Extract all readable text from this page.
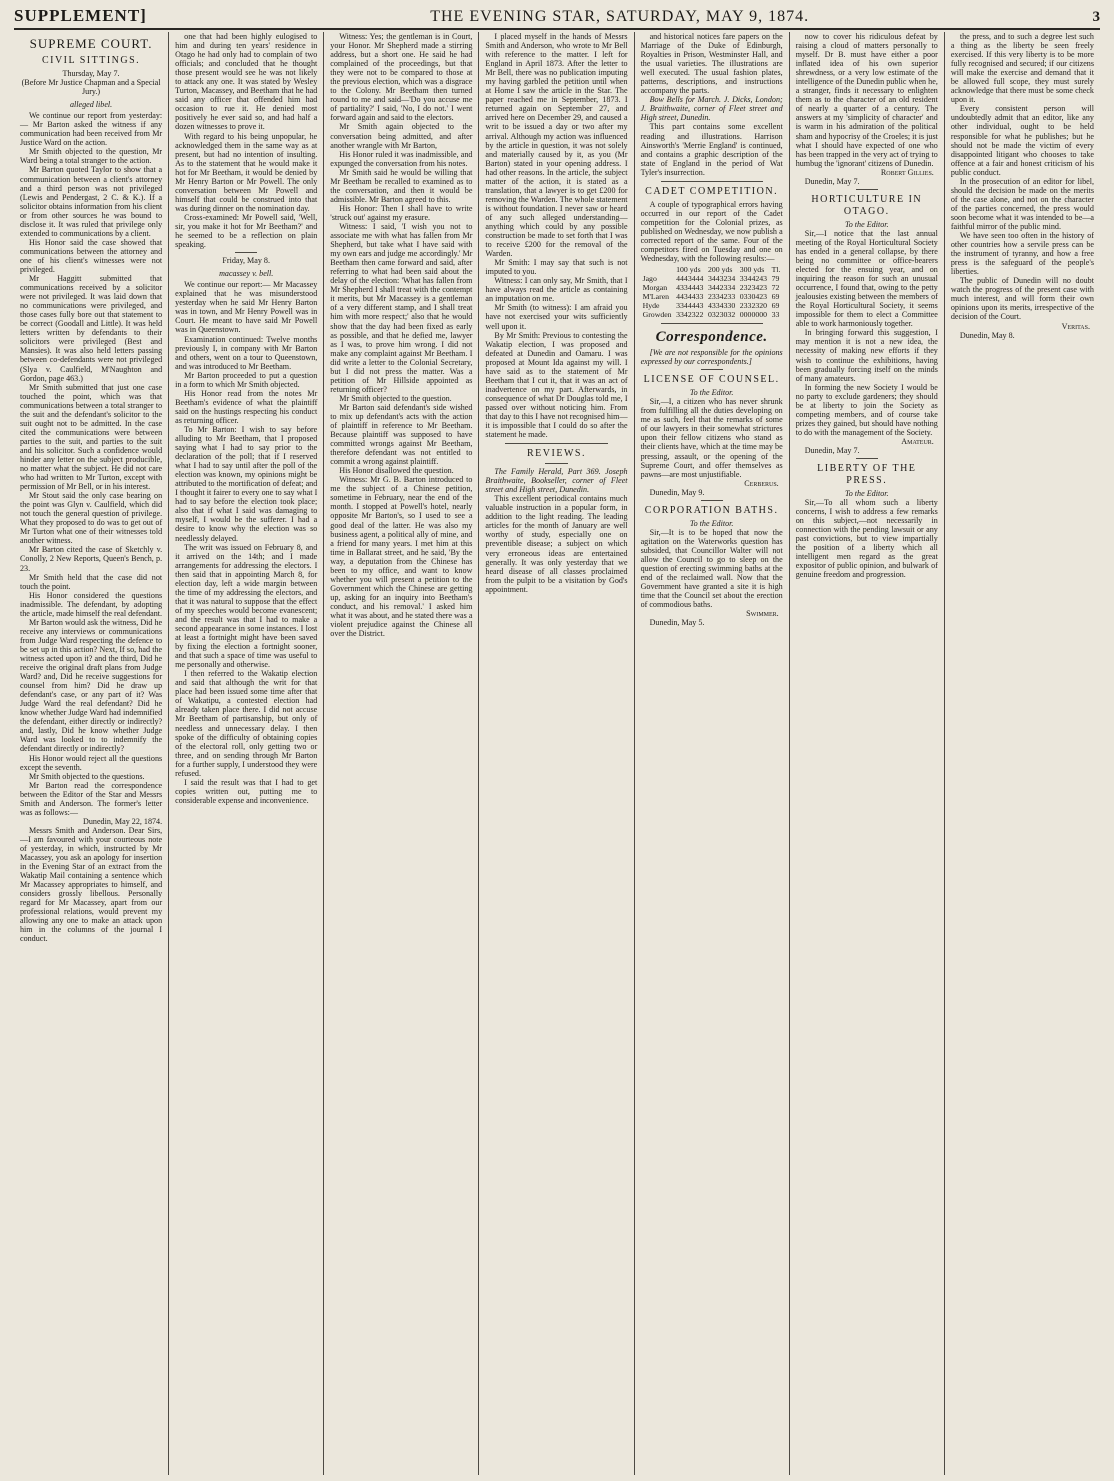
SUPPLEMENT]	THE EVENING STAR, SATURDAY, MAY 9, 1874.	3

SUPREME COURT.

CIVIL SITTINGS.

Thursday, May 7.

(Before Mr Justice Chapman and a Special Jury.)

alleged libel.

We continue our report from yesterday:— Mr Barton asked the witness if any communication had been received from Mr Justice Ward on the action.

Mr Smith objected to the question, Mr Ward being a total stranger to the action.

Mr Barton quoted Taylor to show that a communication between a client's attorney and a third person was not privileged (Lewis and Pendergast, 2 C. & K.). If a solicitor obtains information from his client or from other sources he was bound to disclose it. It was ruled that privilege only extended to communications by a client.

His Honor said the case showed that communications between the attorney and one of his client's witnesses were not privileged.

Mr Haggitt submitted that communications received by a solicitor were not privileged. It was laid down that no communications were privileged, and those cases fully bore out that statement to be correct (Goodall and Little). It was held letters written by defendants to their solicitors were privileged (Best and Mansies). It was also held letters passing between co-defendants were not privileged (Slya v. Caulfield, M'Naughton and Gordon, page 463.)

Mr Smith submitted that just one case touched the point, which was that communications between a total stranger to the suit and the defendant's solicitor to the suit ought not to be admitted. In the case cited the communications were between parties to the suit, and parties to the suit and his solicitor. Such a confidence would hinder any letter on the subject producible, no matter what the subject. He did not care who had written to Mr Turton, except with permission of Mr Bell, or in his interest.

Mr Stout said the only case bearing on the point was Glyn v. Caulfield, which did not touch the general question of privilege. What they proposed to do was to get out of Mr Turton what one of their witnesses told another witness.

Mr Barton cited the case of Sketchly v. Conolly, 2 New Reports, Queen's Bench, p. 23.

Mr Smith held that the case did not touch the point.

His Honor considered the questions inadmissible. The defendant, by adopting the article, made himself the real defendant.

Mr Barton would ask the witness, Did he receive any interviews or communications from Judge Ward respecting the defence to be set up in this action? Next, If so, had the witness acted upon it? and the third, Did he receive the original draft plans from Judge Ward? and, Did he receive suggestions for counsel from him? Did he draw up defendant's case, or any part of it? Was Judge Ward the real defendant? Did he know whether Judge Ward had indemnified the defendant, either directly or indirectly? and, lastly, Did he know whether Judge Ward was looked to to indemnify the defendant directly or indirectly?

His Honor would reject all the questions except the seventh.

Mr Smith objected to the questions.

Mr Barton read the correspondence between the Editor of the Star and Messrs Smith and Anderson. The former's letter was as follows:—

Dunedin, May 22, 1874.

Messrs Smith and Anderson. Dear Sirs,—I am favoured with your courteous note of yesterday, in which, instructed by Mr Macassey, you ask an apology for insertion in the Evening Star of an extract from the Wakatip Mail containing a sentence which Mr Macassey appropriates to himself, and considers grossly libellous. Personally regard for Mr Macassey, apart from our professional relations, would prevent my allowing any one to make an attack upon him in the columns of the journal I conduct.

one that had been highly eulogised to him and during ten years' residence in Otago he had only had to complain of two officials; and concluded that he thought those present would see he was not likely to attack any one. It was stated by Wesley Turton, Macassey, and Beetham that he had said any officer that offended him had occasion to rue it. He denied most positively he ever said so, and had half a dozen witnesses to prove it.

With regard to his being unpopular, he acknowledged them in the same way as at present, but had no intention of insulting. As to the statement that he would make it hot for Mr Beetham, it would be denied by Mr Henry Barton or Mr Powell. The only conversation between Mr Powell and himself that could be construed into that was during dinner on the nomination day.

Cross-examined: Mr Powell said, 'Well, sir, you make it hot for Mr Beetham?' and he seemed to be a reflection on plain speaking.

Friday, May 8.

macassey v. bell.

We continue our report:— Mr Macassey explained that he was misunderstood yesterday when he said Mr Henry Barton was in town, and Mr Henry Powell was in Court. He meant to have said Mr Powell was in Queenstown.

Examination continued: Twelve months previously I, in company with Mr Barton and others, went on a tour to Queenstown, and was introduced to Mr Beetham.

Mr Barton proceeded to put a question in a form to which Mr Smith objected.

His Honor read from the notes Mr Beetham's evidence of what the plaintiff said on the hustings respecting his conduct as returning officer.

To Mr Barton: I wish to say before alluding to Mr Beetham, that I proposed saying what I had to say prior to the declaration of the poll; that if I reserved what I had to say until after the poll of the election was known, my opinions might be attributed to the mortification of defeat; and I thought it fairer to every one to say what I had to say before the election took place; also that if what I said was damaging to myself, I would be the sufferer. I had a desire to know why the election was so needlessly delayed.

The writ was issued on February 8, and it arrived on the 14th; and I made arrangements for addressing the electors. I then said that in appointing March 8, for election day, left a wide margin between the time of my addressing the electors, and that it was natural to suppose that the effect of my speeches would become evanescent; and the result was that I had to make a second appearance in some instances. I lost at least a fortnight might have been saved by fixing the election a fortnight sooner, and that such a space of time was useful to me personally and otherwise.

I then referred to the Wakatip election and said that although the writ for that place had been issued some time after that of Wakatipu, a contested election had already taken place there. I did not accuse Mr Beetham of partisanship, but only of needless and unnecessary delay. I then spoke of the difficulty of obtaining copies of the electoral roll, only getting two or three, and on sending through Mr Barton for a further supply, I understood they were refused.

I said the result was that I had to get copies written out, putting me to considerable expense and inconvenience.

Witness: Yes; the gentleman is in Court, your Honor. Mr Shepherd made a stirring address, but a short one. He said he had complained of the proceedings, but that they were not to be compared to those at the previous election, which was a disgrace to the Colony. Mr Beetham then turned round to me and said—'Do you accuse me of partiality?' I said, 'No, I do not.' I went forward again and said to the electors.

Mr Smith again objected to the conversation being admitted, and after another wrangle with Mr Barton,

His Honor ruled it was inadmissible, and expunged the conversation from his notes.

Mr Smith said he would be willing that Mr Beetham be recalled to examined as to the conversation, and then it would be admissible. Mr Barton agreed to this.

His Honor: Then I shall have to write 'struck out' against my erasure.

Witness: I said, 'I wish you not to associate me with what has fallen from Mr Shepherd, but take what I have said with my own ears and judge me accordingly.' Mr Beetham then came forward and said, after referring to what had been said about the delay of the election: 'What has fallen from Mr Shepherd I shall treat with the contempt it merits, but Mr Macassey is a gentleman of a very different stamp, and I shall treat him with more respect;' also that he would show that the day had been fixed as early as possible, and that he defied me, lawyer as I was, to prove him wrong. I did not make any complaint against Mr Beetham. I did write a letter to the Colonial Secretary, but I did not press the matter. Was a petition of Mr Hillside appointed as returning officer?

Mr Smith objected to the question.

Mr Barton said defendant's side wished to mix up defendant's acts with the action of plaintiff in reference to Mr Beetham. Because plaintiff was supposed to have committed wrongs against Mr Beetham, therefore defendant was not entitled to commit a wrong against plaintiff.

His Honor disallowed the question.

Witness: Mr G. B. Barton introduced to me the subject of a Chinese petition, sometime in February, near the end of the month. I stopped at Powell's hotel, nearly opposite Mr Barton's, so I used to see a good deal of the latter. He was also my business agent, a political ally of mine, and a friend for many years. I met him at this time in Ballarat street, and he said, 'By the way, a deputation from the Chinese has been to my office, and want to know whether you will present a petition to the Government which the Chinese are getting up, asking for an inquiry into Beetham's conduct, and his removal.' I asked him what it was about, and he stated there was a violent prejudice against the Chinese all over the District.

I placed myself in the hands of Messrs Smith and Anderson, who wrote to Mr Bell with reference to the matter. I left for England in April 1873. After the letter to Mr Bell, there was no publication imputing my having garbled the petition until when at Home I saw the article in the Star. The paper reached me in September, 1873. I returned again on September 27, and arrived here on December 29, and caused a writ to be issued a day or two after my arrival. Although my action was influenced by the article in question, it was not solely and materially caused by it, as you (Mr Barton) stated in your opening address. I had other reasons. In the article, the subject matter of the action, it is stated as a translation, that a lawyer is to get £200 for removing the Warden. The whole statement is without foundation. I never saw or heard of any such alleged understanding—anything which could by any possible construction be made to set forth that I was to receive £200 for the removal of the Warden.

Mr Smith: I may say that such is not imputed to you.

Witness: I can only say, Mr Smith, that I have always read the article as containing an imputation on me.

Mr Smith (to witness): I am afraid you have not exercised your wits sufficiently well upon it.

By Mr Smith: Previous to contesting the Wakatip election, I was proposed and defeated at Dunedin and Oamaru. I was proposed at Mount Ida against my will. I have said as to the statement of Mr Beetham that I cut it, that it was an act of inadvertence on my part. Afterwards, in consequence of what Dr Douglas told me, I passed over without noticing him. From that day to this I have not recognised him—it is impossible that I could do so after the statement he made.

REVIEWS.

The Family Herald, Part 369. Joseph Braithwaite, Bookseller, corner of Fleet street and High street, Dunedin.

This excellent periodical contains much valuable instruction in a popular form, in addition to the light reading. The leading articles for the month of January are well worthy of study, especially one on preventible disease; a subject on which very erroneous ideas are entertained generally. It was only yesterday that we heard disease of all classes proclaimed from the pulpit to be a visitation by God's appointment.

and historical notices fare papers on the Marriage of the Duke of Edinburgh, Royalties in Prison, Westminster Hall, and the usual varieties. The illustrations are well executed. The usual fashion plates, patterns, descriptions, and instructions accompany the parts.

Bow Bells for March. J. Dicks, London; J. Braithwaite, corner of Fleet street and High street, Dunedin.

This part contains some excellent reading and illustrations. Harrison Ainsworth's 'Merrie England' is continued, and contains a graphic description of the state of England in the period of Wat Tyler's insurrection.

CADET COMPETITION.

A couple of typographical errors having occurred in our report of the Cadet competition for the Colonial prizes, as published on Wednesday, we now publish a corrected report of the same. Four of the competitors fired on Tuesday and one on Wednesday, with the following results:—

	100 yds	200 yds	300 yds	Tl.
Jago	4443444	3443234	3344243	79
Morgan	4334443	3442334	2323423	72
M'Laren	4434433	2334233	0330423	69
Hyde	3344443	4334330	2332320	69
Growden	3342322	0323032	0000000	33

Correspondence.

[We are not responsible for the opinions expressed by our correspondents.]

LICENSE OF COUNSEL.

To the Editor.

Sir,—I, a citizen who has never shrunk from fulfilling all the duties developing on me as such, feel that the remarks of some of our lawyers in their somewhat strictures upon their fellow citizens who stand as their clients have, which at the time may be pressing, assault, or the opening of the Supreme Court, and offer themselves as pawns—are most unjustifiable.

Cerberus.

Dunedin, May 9.

CORPORATION BATHS.

To the Editor.

Sir,—It is to be hoped that now the agitation on the Waterworks question has subsided, that Councillor Walter will not allow the Council to go to sleep on the question of erecting swimming baths at the end of the reclaimed wall. Now that the Government have granted a site it is high time that the Council set about the erection of commodious baths.

Swimmer.

Dunedin, May 5.

now to cover his ridiculous defeat by raising a cloud of matters personally to myself. Dr B. must have either a poor inflated idea of his own superior shrewdness, or a very low estimate of the intelligence of the Dunedin public when he, a stranger, finds it necessary to enlighten them as to the character of an old resident of nearly a quarter of a century. The answers at my 'simplicity of character' and is warm in his admiration of the political sham and hypocrisy of the Croeles; it is just what I should have expected of one who has been trapped in the very act of trying to humbug the 'ignorant' citizens of Dunedin.

Robert Gillies.

Dunedin, May 7.

HORTICULTURE IN OTAGO.

To the Editor.

Sir,—I notice that the last annual meeting of the Royal Horticultural Society has ended in a general collapse, by there being no committee or office-bearers elected for the ensuing year, and on inquiring the reason for such an unusual occurrence, I found that, owing to the petty jealousies existing between the members of the Royal Horticultural Society, it seems impossible for them to elect a Committee able to work harmoniously together.

In bringing forward this suggestion, I may mention it is not a new idea, the necessity of making new efforts if they wish to continue the exhibitions, having been gradually forcing itself on the minds of many amateurs.

In forming the new Society I would be no party to exclude gardeners; they should be at liberty to join the Society as competing members, and of course take prizes they gained, but should have nothing to do with the management of the Society.

Amateur.

Dunedin, May 7.

LIBERTY OF THE PRESS.

To the Editor.

Sir,—To all whom such a liberty concerns, I wish to address a few remarks on this subject,—not necessarily in connection with the pending lawsuit or any past convictions, but to view impartially the position of a liberty which all intelligent men regard as the great expositor of public opinion, and bulwark of genuine freedom and progression.

the press, and to such a degree lest such a thing as the liberty be seen freely exercised. If this very liberty is to be more fully recognised and secured; if our citizens will make the exercise and demand that it be allowed full scope, they must surely acknowledge that there must be some check upon it.

Every consistent person will undoubtedly admit that an editor, like any other individual, ought to be held responsible for what he publishes; but he should not be made the victim of every disappointed litigant who chooses to take offence at a fair and honest criticism of his public conduct.

In the prosecution of an editor for libel, should the decision be made on the merits of the case alone, and not on the character of the parties concerned, the press would soon become what it was intended to be—a faithful mirror of the public mind.

We have seen too often in the history of other countries how a servile press can be the instrument of tyranny, and how a free press is the safeguard of the people's liberties.

The public of Dunedin will no doubt watch the progress of the present case with much interest, and will form their own opinions upon its merits, irrespective of the decision of the Court.

Veritas.

Dunedin, May 8.
